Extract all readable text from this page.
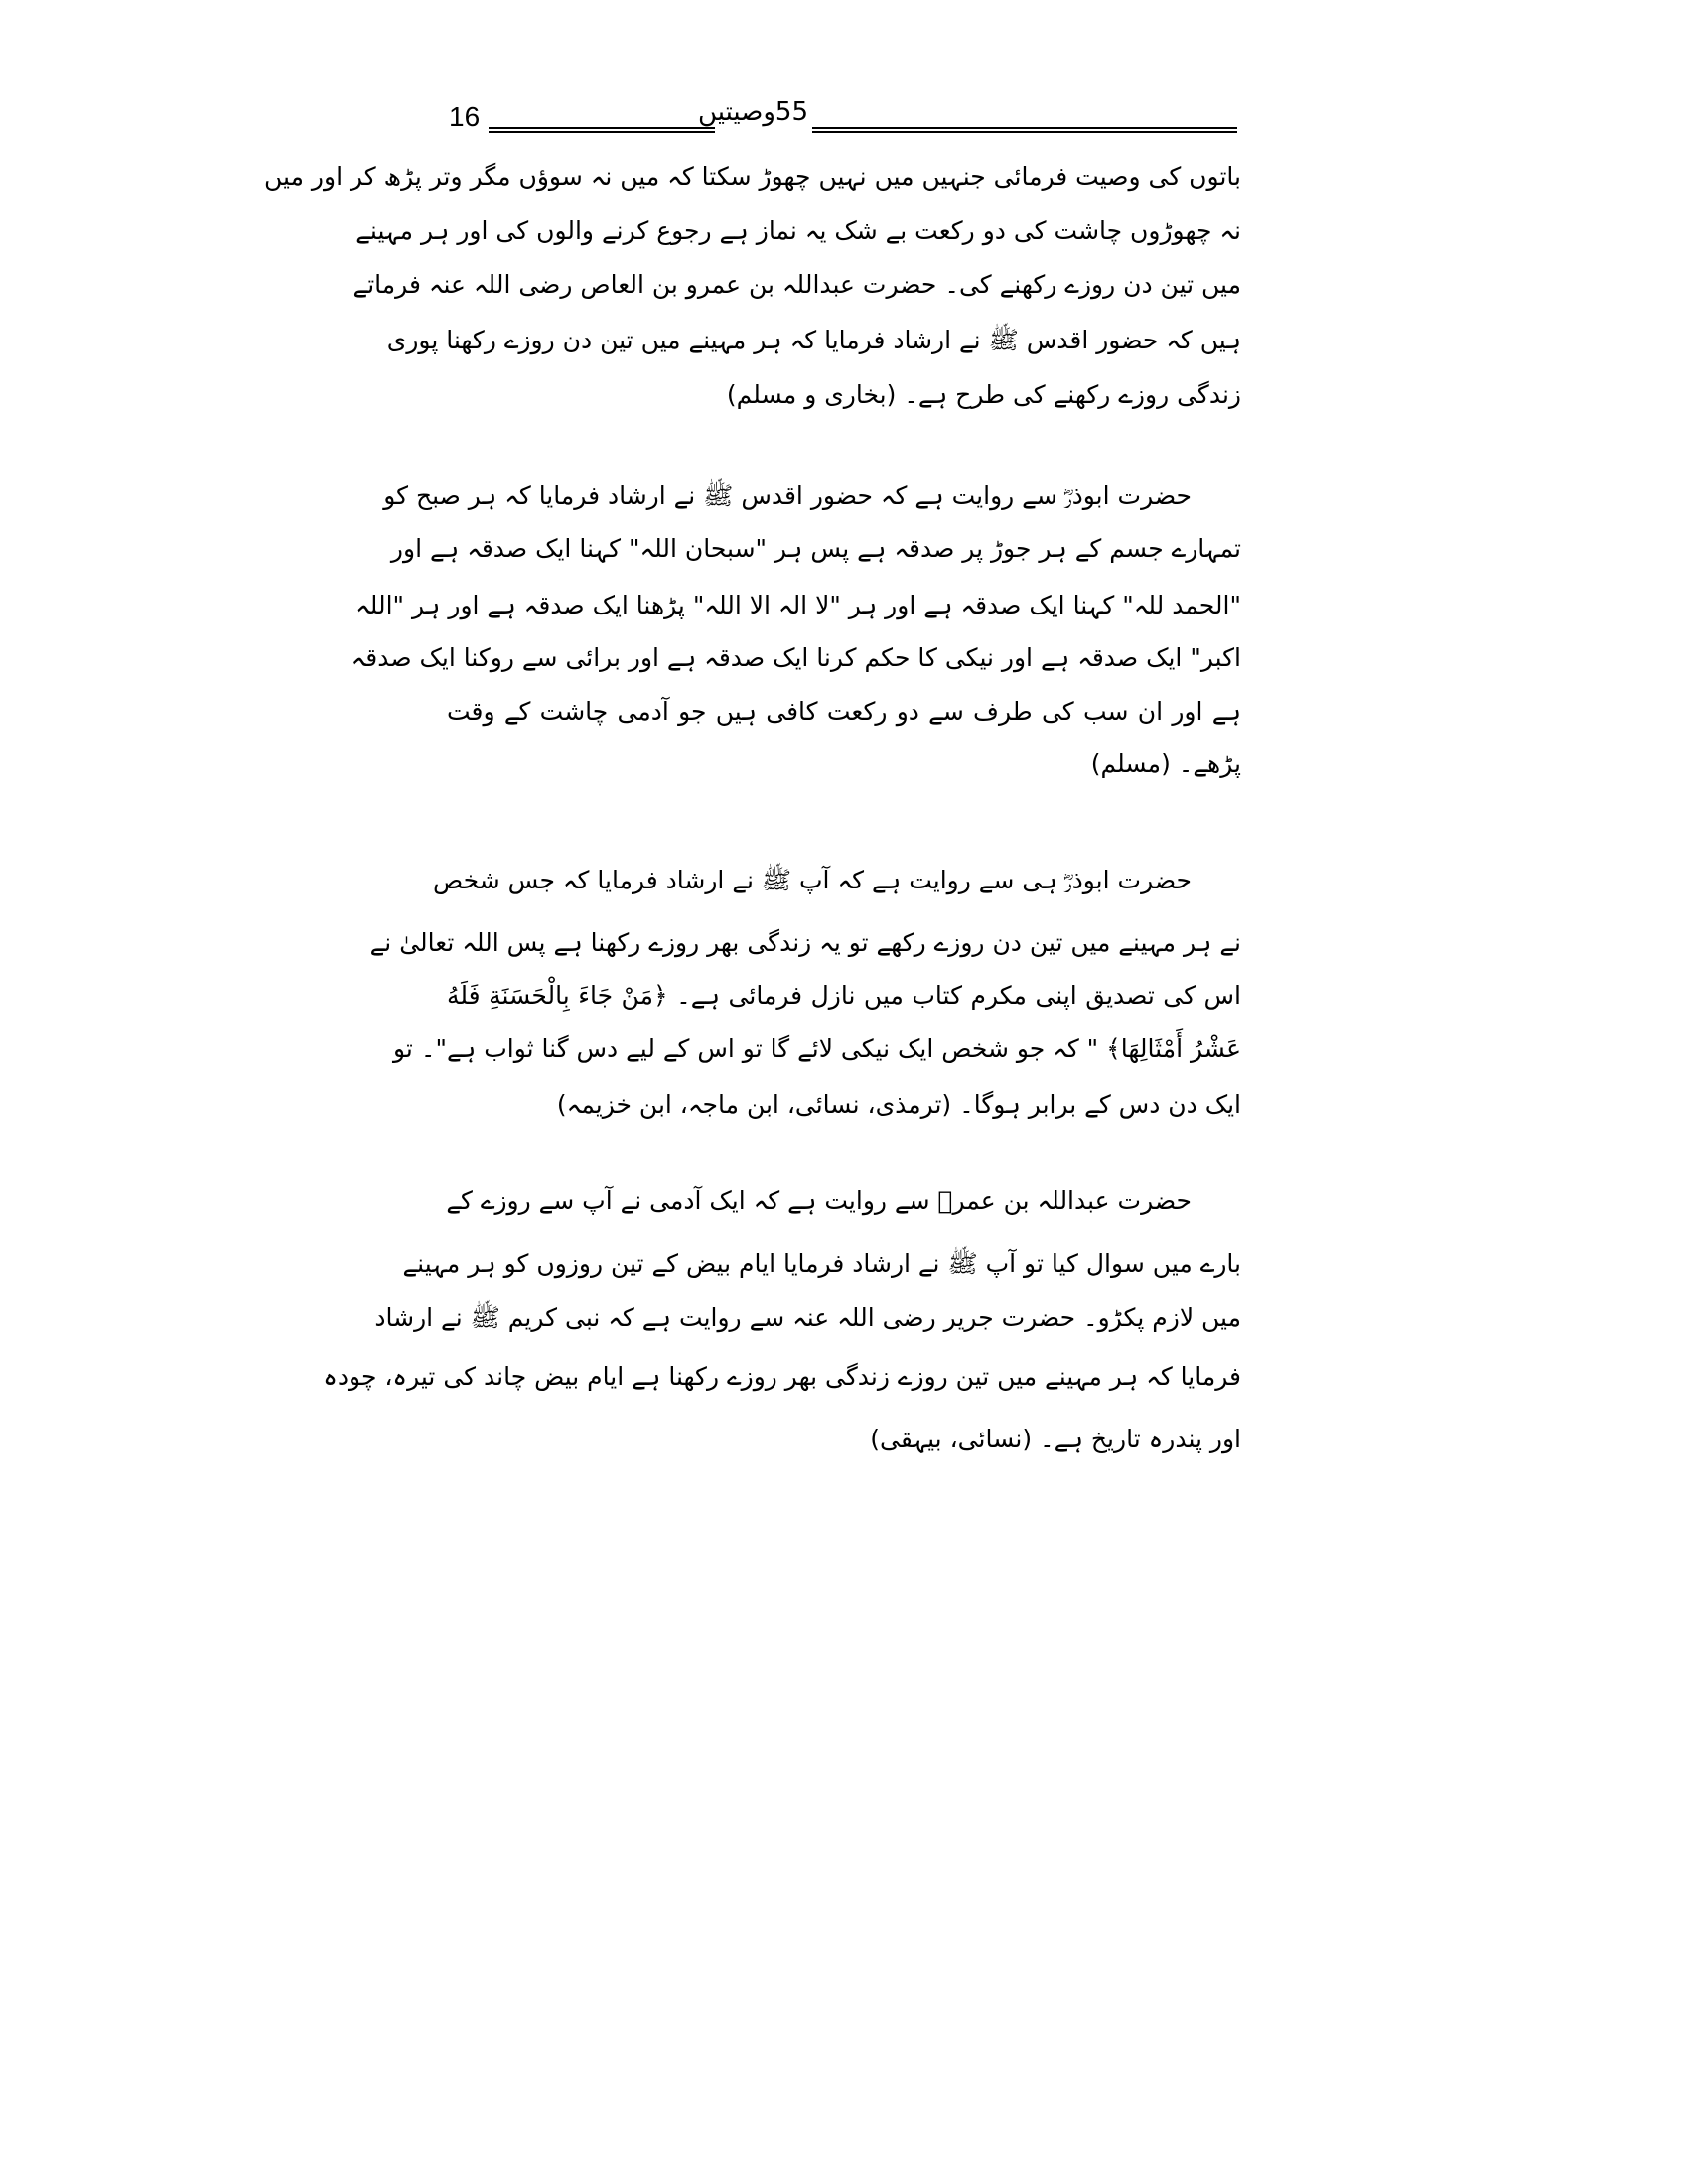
16	55وصیتیں
باتوں کی وصیت فرمائی جنہیں میں نہیں چھوڑ سکتا کہ میں نہ سوؤں مگر وتر پڑھ کر اور میں
نہ چھوڑوں چاشت کی دو رکعت بے شک یہ نماز ہے رجوع کرنے والوں کی اور ہر مہینے
میں تین دن روزے رکھنے کی۔ حضرت عبداللہ بن عمرو بن العاص رضی اللہ عنہ فرماتے
ہیں کہ حضور اقدس ﷺ نے ارشاد فرمایا کہ ہر مہینے میں تین دن روزے رکھنا پوری
زندگی روزے رکھنے کی طرح ہے۔ (بخاری و مسلم)
حضرت ابوذرؓ سے روایت ہے کہ حضور اقدس ﷺ نے ارشاد فرمایا کہ ہر صبح کو
تمہارے جسم کے ہر جوڑ پر صدقہ ہے پس ہر "سبحان اللہ" کہنا ایک صدقہ ہے اور
"الحمد للہ" کہنا ایک صدقہ ہے اور ہر "لا الہ الا اللہ" پڑھنا ایک صدقہ ہے اور ہر "اللہ
اکبر" ایک صدقہ ہے اور نیکی کا حکم کرنا ایک صدقہ ہے اور برائی سے روکنا ایک صدقہ
ہے اور ان سب کی طرف سے دو رکعت کافی ہیں جو آدمی چاشت کے وقت
پڑھے۔ (مسلم)
حضرت ابوذرؓ ہی سے روایت ہے کہ آپ ﷺ نے ارشاد فرمایا کہ جس شخص
نے ہر مہینے میں تین دن روزے رکھے تو یہ زندگی بھر روزے رکھنا ہے پس اللہ تعالیٰ نے
اس کی تصدیق اپنی مکرم کتاب میں نازل فرمائی ہے۔ ﴿مَنْ جَاءَ بِالْحَسَنَةِ فَلَهُ
عَشْرُ أَمْثَالِهَا﴾ " کہ جو شخص ایک نیکی لائے گا تو اس کے لیے دس گنا ثواب ہے"۔ تو
ایک دن دس کے برابر ہوگا۔ (ترمذی، نسائی، ابن ماجہ، ابن خزیمہ)
حضرت عبداللہ بن عمرؓ سے روایت ہے کہ ایک آدمی نے آپ سے روزے کے
بارے میں سوال کیا تو آپ ﷺ نے ارشاد فرمایا ایام بیض کے تین روزوں کو ہر مہینے
میں لازم پکڑو۔ حضرت جریر رضی اللہ عنہ سے روایت ہے کہ نبی کریم ﷺ نے ارشاد
فرمایا کہ ہر مہینے میں تین روزے زندگی بھر روزے رکھنا ہے ایام بیض چاند کی تیرہ، چودہ
اور پندرہ تاریخ ہے۔ (نسائی، بیہقی)
